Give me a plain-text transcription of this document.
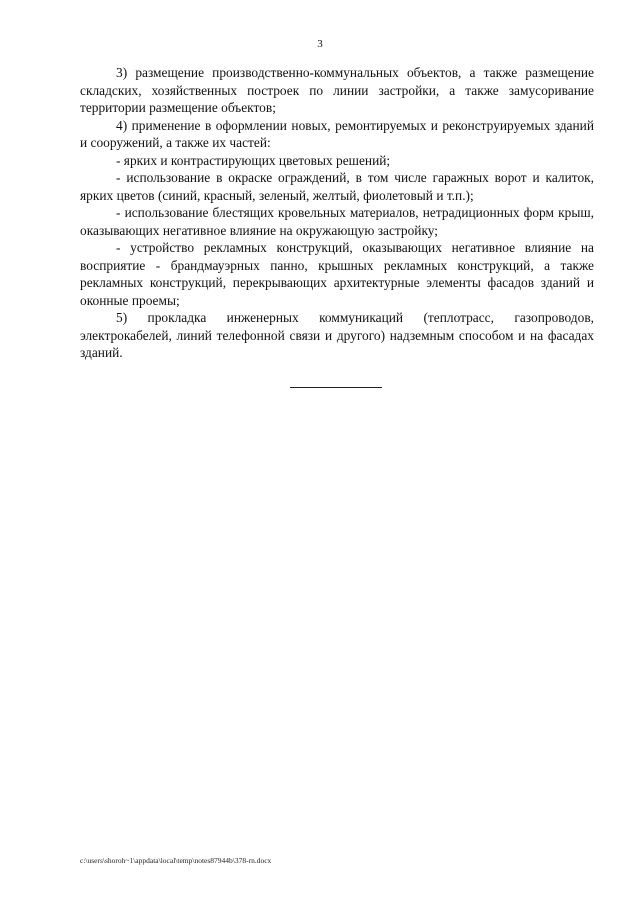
3

3) размещение производственно-коммунальных объектов, а также размещение складских, хозяйственных построек по линии застройки, а также замусоривание территории размещение объектов;

4) применение в оформлении новых, ремонтируемых и реконструируемых зданий и сооружений, а также их частей:

- ярких и контрастирующих цветовых решений;

- использование в окраске ограждений, в том числе гаражных ворот и калиток, ярких цветов (синий, красный, зеленый, желтый, фиолетовый и т.п.);

- использование блестящих кровельных материалов, нетрадиционных форм крыш, оказывающих негативное влияние на окружающую застройку;

- устройство рекламных конструкций, оказывающих негативное влияние на восприятие - брандмауэрных панно, крышных рекламных конструкций, а также рекламных конструкций, перекрывающих архитектурные элементы фасадов зданий и оконные проемы;

5) прокладка инженерных коммуникаций (теплотрасс, газопроводов, электрокабелей, линий телефонной связи и другого) надземным способом и на фасадах зданий.

c:\users\shoroh~1\appdata\local\temp\notes87944b\378-rn.docx
